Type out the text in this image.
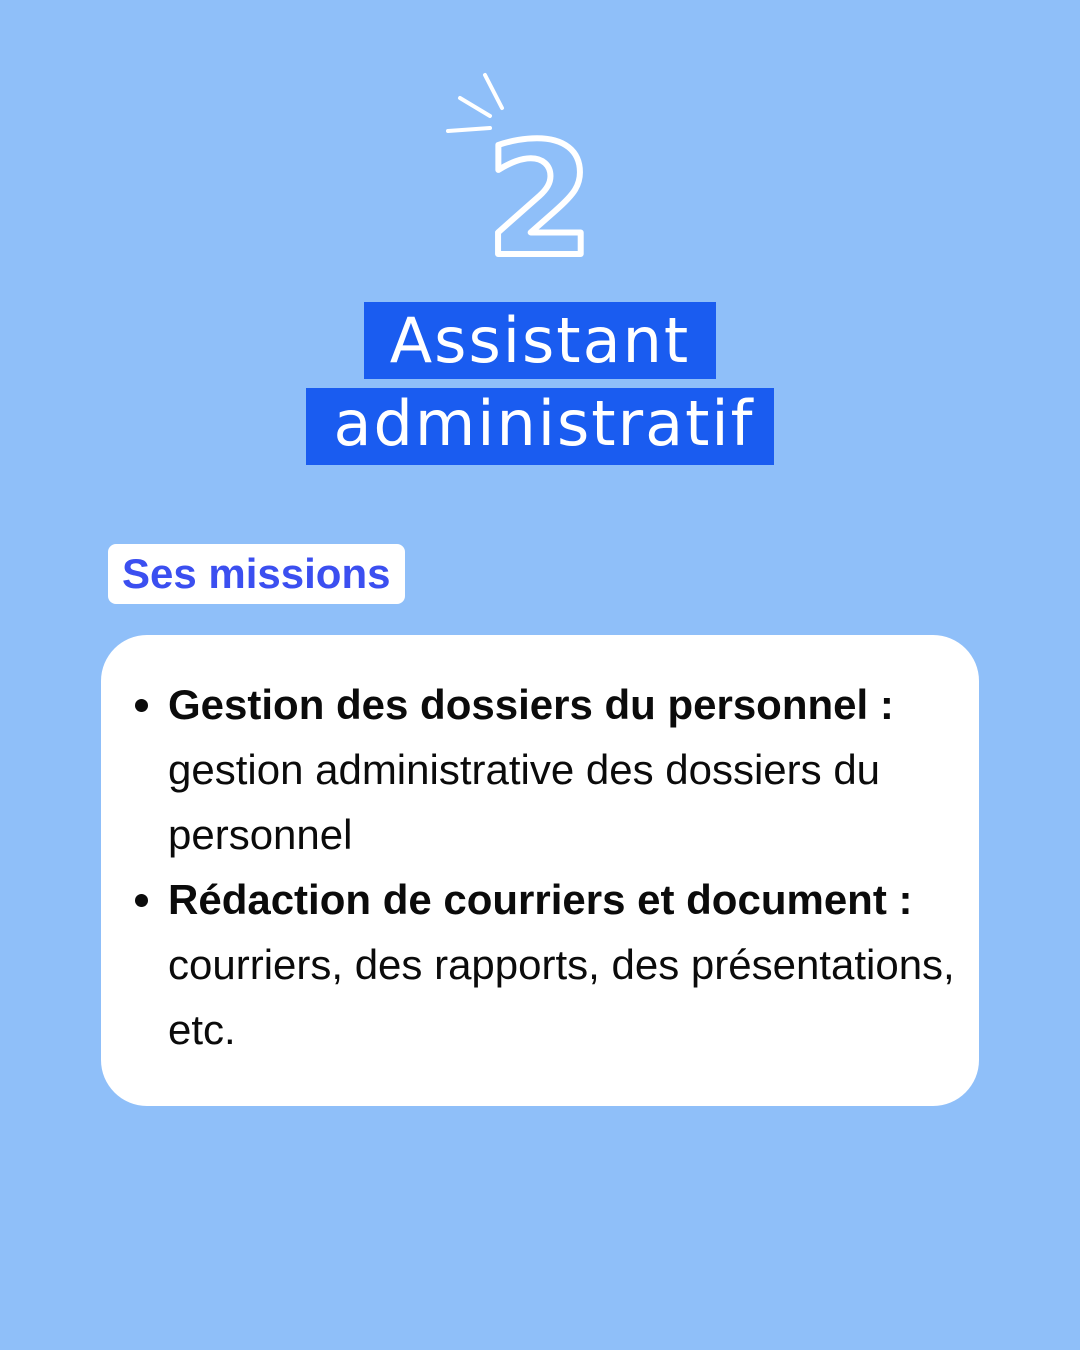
2
Assistant
administratif
Ses missions
Gestion des dossiers du personnel :
gestion administrative des dossiers du personnel
Rédaction de courriers et document :
courriers, des rapports, des présentations, etc.
